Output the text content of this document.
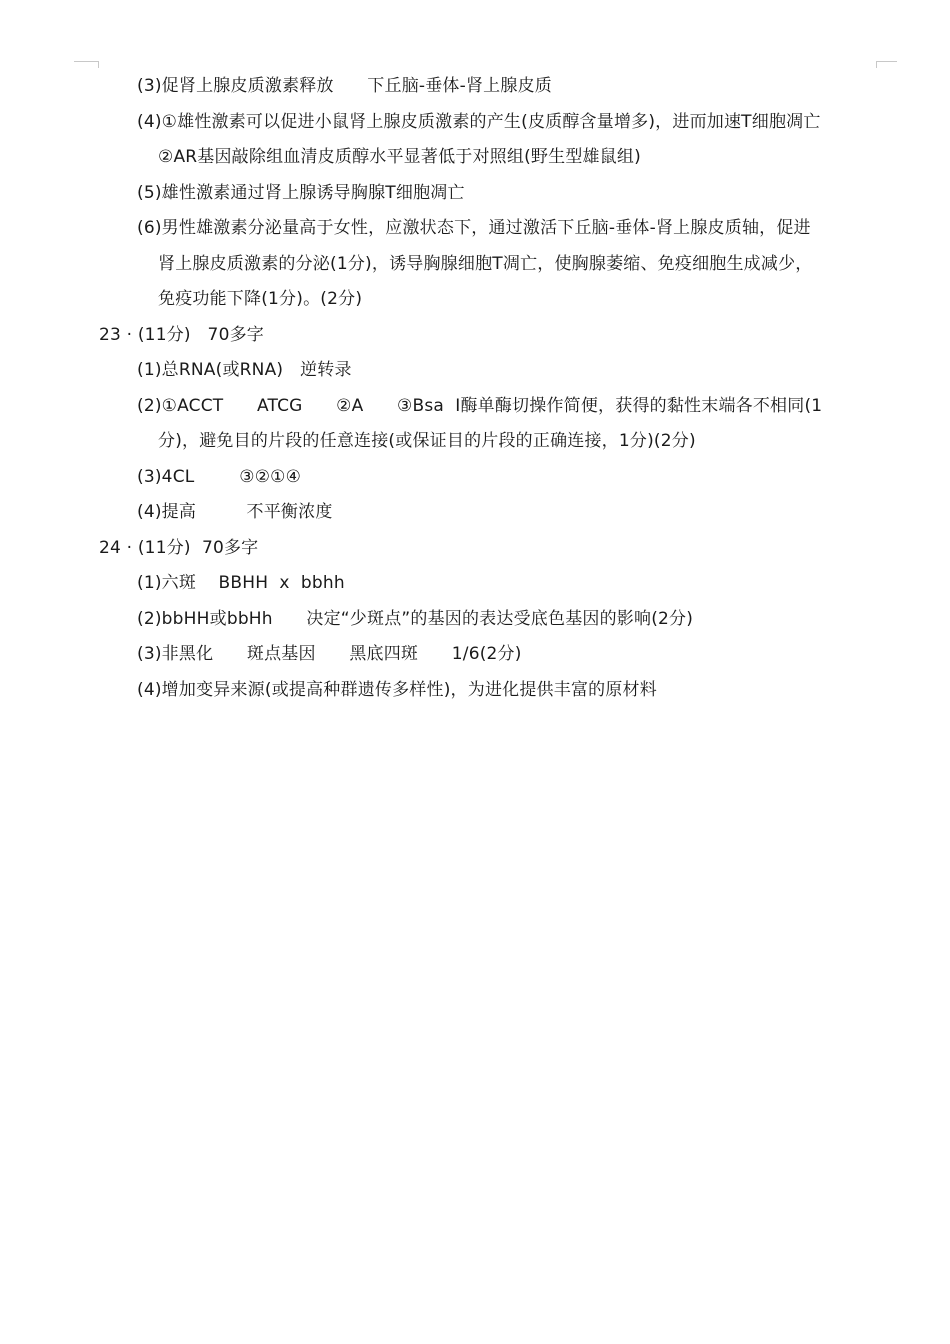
(3)促肾上腺皮质激素释放      下丘脑-垂体-肾上腺皮质
(4)①雄性激素可以促进小鼠肾上腺皮质激素的产生(皮质醇含量增多)，进而加速T细胞凋亡
②AR基因敲除组血清皮质醇水平显著低于对照组(野生型雄鼠组)
(5)雄性激素通过肾上腺诱导胸腺T细胞凋亡
(6)男性雄激素分泌量高于女性，应激状态下，通过激活下丘脑-垂体-肾上腺皮质轴，促进
肾上腺皮质激素的分泌(1分)，诱导胸腺细胞T凋亡，使胸腺萎缩、免疫细胞生成减少，
免疫功能下降(1分)。(2分)
23 · (11分)   70多字
(1)总RNA(或RNA)   逆转录
(2)①ACCT      ATCG      ②A      ③Bsa  I酶单酶切操作简便，获得的黏性末端各不相同(1
分)，避免目的片段的任意连接(或保证目的片段的正确连接，1分)(2分)
(3)4CL        ③②①④
(4)提高         不平衡浓度
24 · (11分)  70多字
(1)六斑    BBHH  x  bbhh
(2)bbHH或bbHh      决定“少斑点”的基因的表达受底色基因的影响(2分)
(3)非黑化      斑点基因      黑底四斑      1/6(2分)
(4)增加变异来源(或提高种群遗传多样性)，为进化提供丰富的原材料
